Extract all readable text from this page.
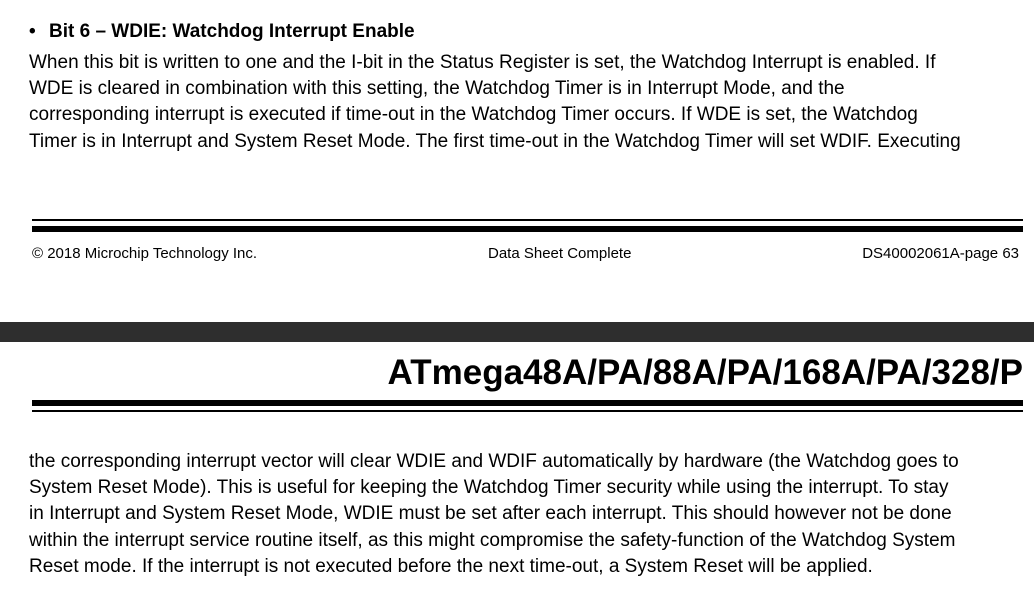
• Bit 6 – WDIE: Watchdog Interrupt Enable
When this bit is written to one and the I-bit in the Status Register is set, the Watchdog Interrupt is enabled. If
WDE is cleared in combination with this setting, the Watchdog Timer is in Interrupt Mode, and the
corresponding interrupt is executed if time-out in the Watchdog Timer occurs. If WDE is set, the Watchdog
Timer is in Interrupt and System Reset Mode. The first time-out in the Watchdog Timer will set WDIF. Executing
© 2018 Microchip Technology Inc.	Data Sheet Complete	DS40002061A-page 63
ATmega48A/PA/88A/PA/168A/PA/328/P
the corresponding interrupt vector will clear WDIE and WDIF automatically by hardware (the Watchdog goes to
System Reset Mode). This is useful for keeping the Watchdog Timer security while using the interrupt. To stay
in Interrupt and System Reset Mode, WDIE must be set after each interrupt. This should however not be done
within the interrupt service routine itself, as this might compromise the safety-function of the Watchdog System
Reset mode. If the interrupt is not executed before the next time-out, a System Reset will be applied.
